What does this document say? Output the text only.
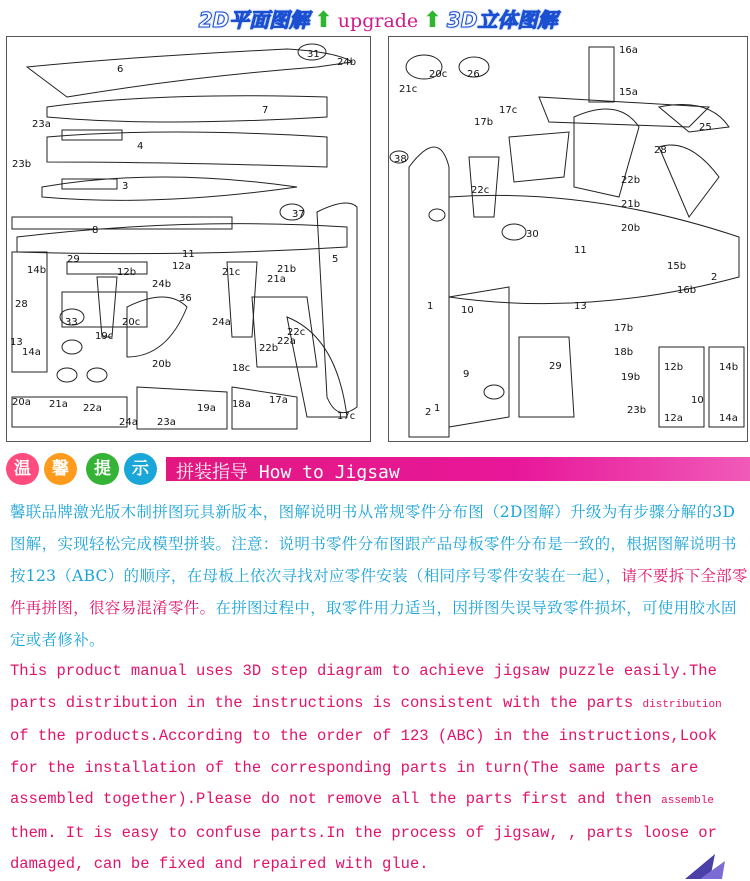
2D平面图解 ⬆ upgrade ⬆ 3D立体图解
31
24b
6
7
23a
4
23b
3
37
8
5
29	11
12a
14b	12b
24b
21c	21b
21a
28
36
33
19c
20c	24a
22c
22a
22b
13
14a
20b	18c
20a 21a 22a
24a 23a
19a 18a 17a
17c
16a
15a
20c 26
21c
25
17c
17b
28
38
22c
22b
21b
20b
30
11
2
15b
16b
13
1	10
17b
18b
29
19b
12b	14b
9
10
1
2	23b
12a	14a
温	馨	提	示	拼装指导 How to Jigsaw
馨联品牌激光版木制拼图玩具新版本，图解说明书从常规零件分布图（2D图解）升级为有步骤分解的3D图解，实现轻松完成模型拼装。注意：说明书零件分布图跟产品母板零件分布是一致的，根据图解说明书按123（ABC）的顺序，在母板上依次寻找对应零件安装（相同序号零件安装在一起），请不要拆下全部零件再拼图，很容易混淆零件。在拼图过程中，取零件用力适当，因拼图失误导致零件损坏，可使用胶水固定或者修补。
This product manual uses 3D step diagram to achieve jigsaw puzzle easily.The
parts distribution in the instructions is consistent with the parts distribution
of the products.According to the order of 123 (ABC) in the instructions,Look
for the installation of the corresponding parts in turn(The same parts are
assembled together).Please do not remove all the parts first and then assemble
them. It is easy to confuse parts.In the process of jigsaw, , parts loose or
damaged, can be fixed and repaired with glue.
